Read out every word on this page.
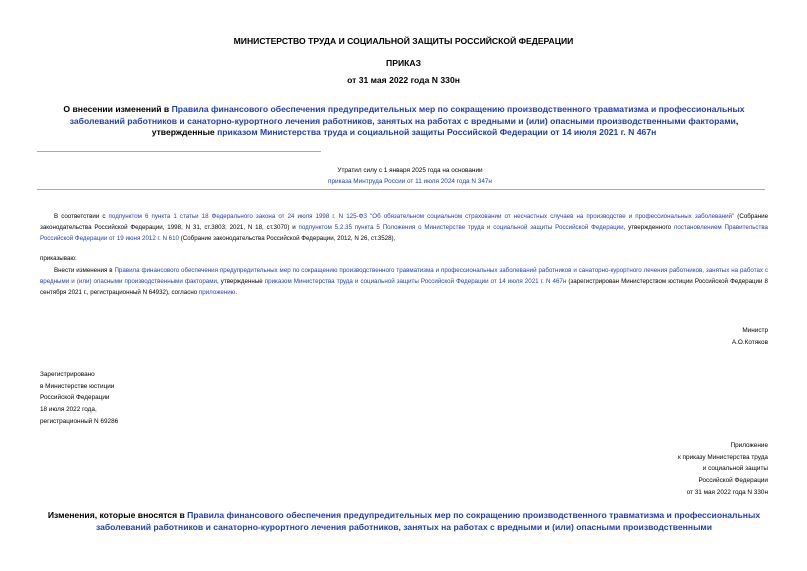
МИНИСТЕРСТВО ТРУДА И СОЦИАЛЬНОЙ ЗАЩИТЫ РОССИЙСКОЙ ФЕДЕРАЦИИ
ПРИКАЗ
от 31 мая 2022 года N 330н
О внесении изменений в Правила финансового обеспечения предупредительных мер по сокращению производственного травматизма и профессиональных заболеваний работников и санаторно-курортного лечения работников, занятых на работах с вредными и (или) опасными производственными факторами, утвержденные приказом Министерства труда и социальной защиты Российской Федерации от 14 июля 2021 г. N 467н
Утратил силу с 1 января 2025 года на основании
приказа Минтруда России от 11 июля 2024 года N 347н
В соответствии с подпунктом 6 пункта 1 статьи 18 Федерального закона от 24 июля 1998 г. N 125-ФЗ "Об обязательном социальном страховании от несчастных случаев на производстве и профессиональных заболеваний" (Собрание законодательства Российской Федерации, 1998, N 31, ст.3803; 2021, N 18, ст.3070) и подпунктом 5.2.35 пункта 5 Положения о Министерстве труда и социальной защиты Российской Федерации, утвержденного постановлением Правительства Российской Федерации от 19 июня 2012 г. N 610 (Собрание законодательства Российской Федерации, 2012, N 26, ст.3528),
приказываю:
Внести изменения в Правила финансового обеспечения предупредительных мер по сокращению производственного травматизма и профессиональных заболеваний работников и санаторно-курортного лечения работников, занятых на работах с вредными и (или) опасными производственными факторами, утвержденные приказом Министерства труда и социальной защиты Российской Федерации от 14 июля 2021 г. N 467н (зарегистрирован Министерством юстиции Российской Федерации 8 сентября 2021 г., регистрационный N 64932), согласно приложению.
Министр
А.О.Котяков
Зарегистрировано
в Министерстве юстиции
Российской Федерации
18 июля 2022 года,
регистрационный N 69286
Приложение
к приказу Министерства труда
и социальной защиты
Российской Федерации
от 31 мая 2022 года N 330н
Изменения, которые вносятся в Правила финансового обеспечения предупредительных мер по сокращению производственного травматизма и профессиональных заболеваний работников и санаторно-курортного лечения работников, занятых на работах с вредными и (или) опасными производственными
